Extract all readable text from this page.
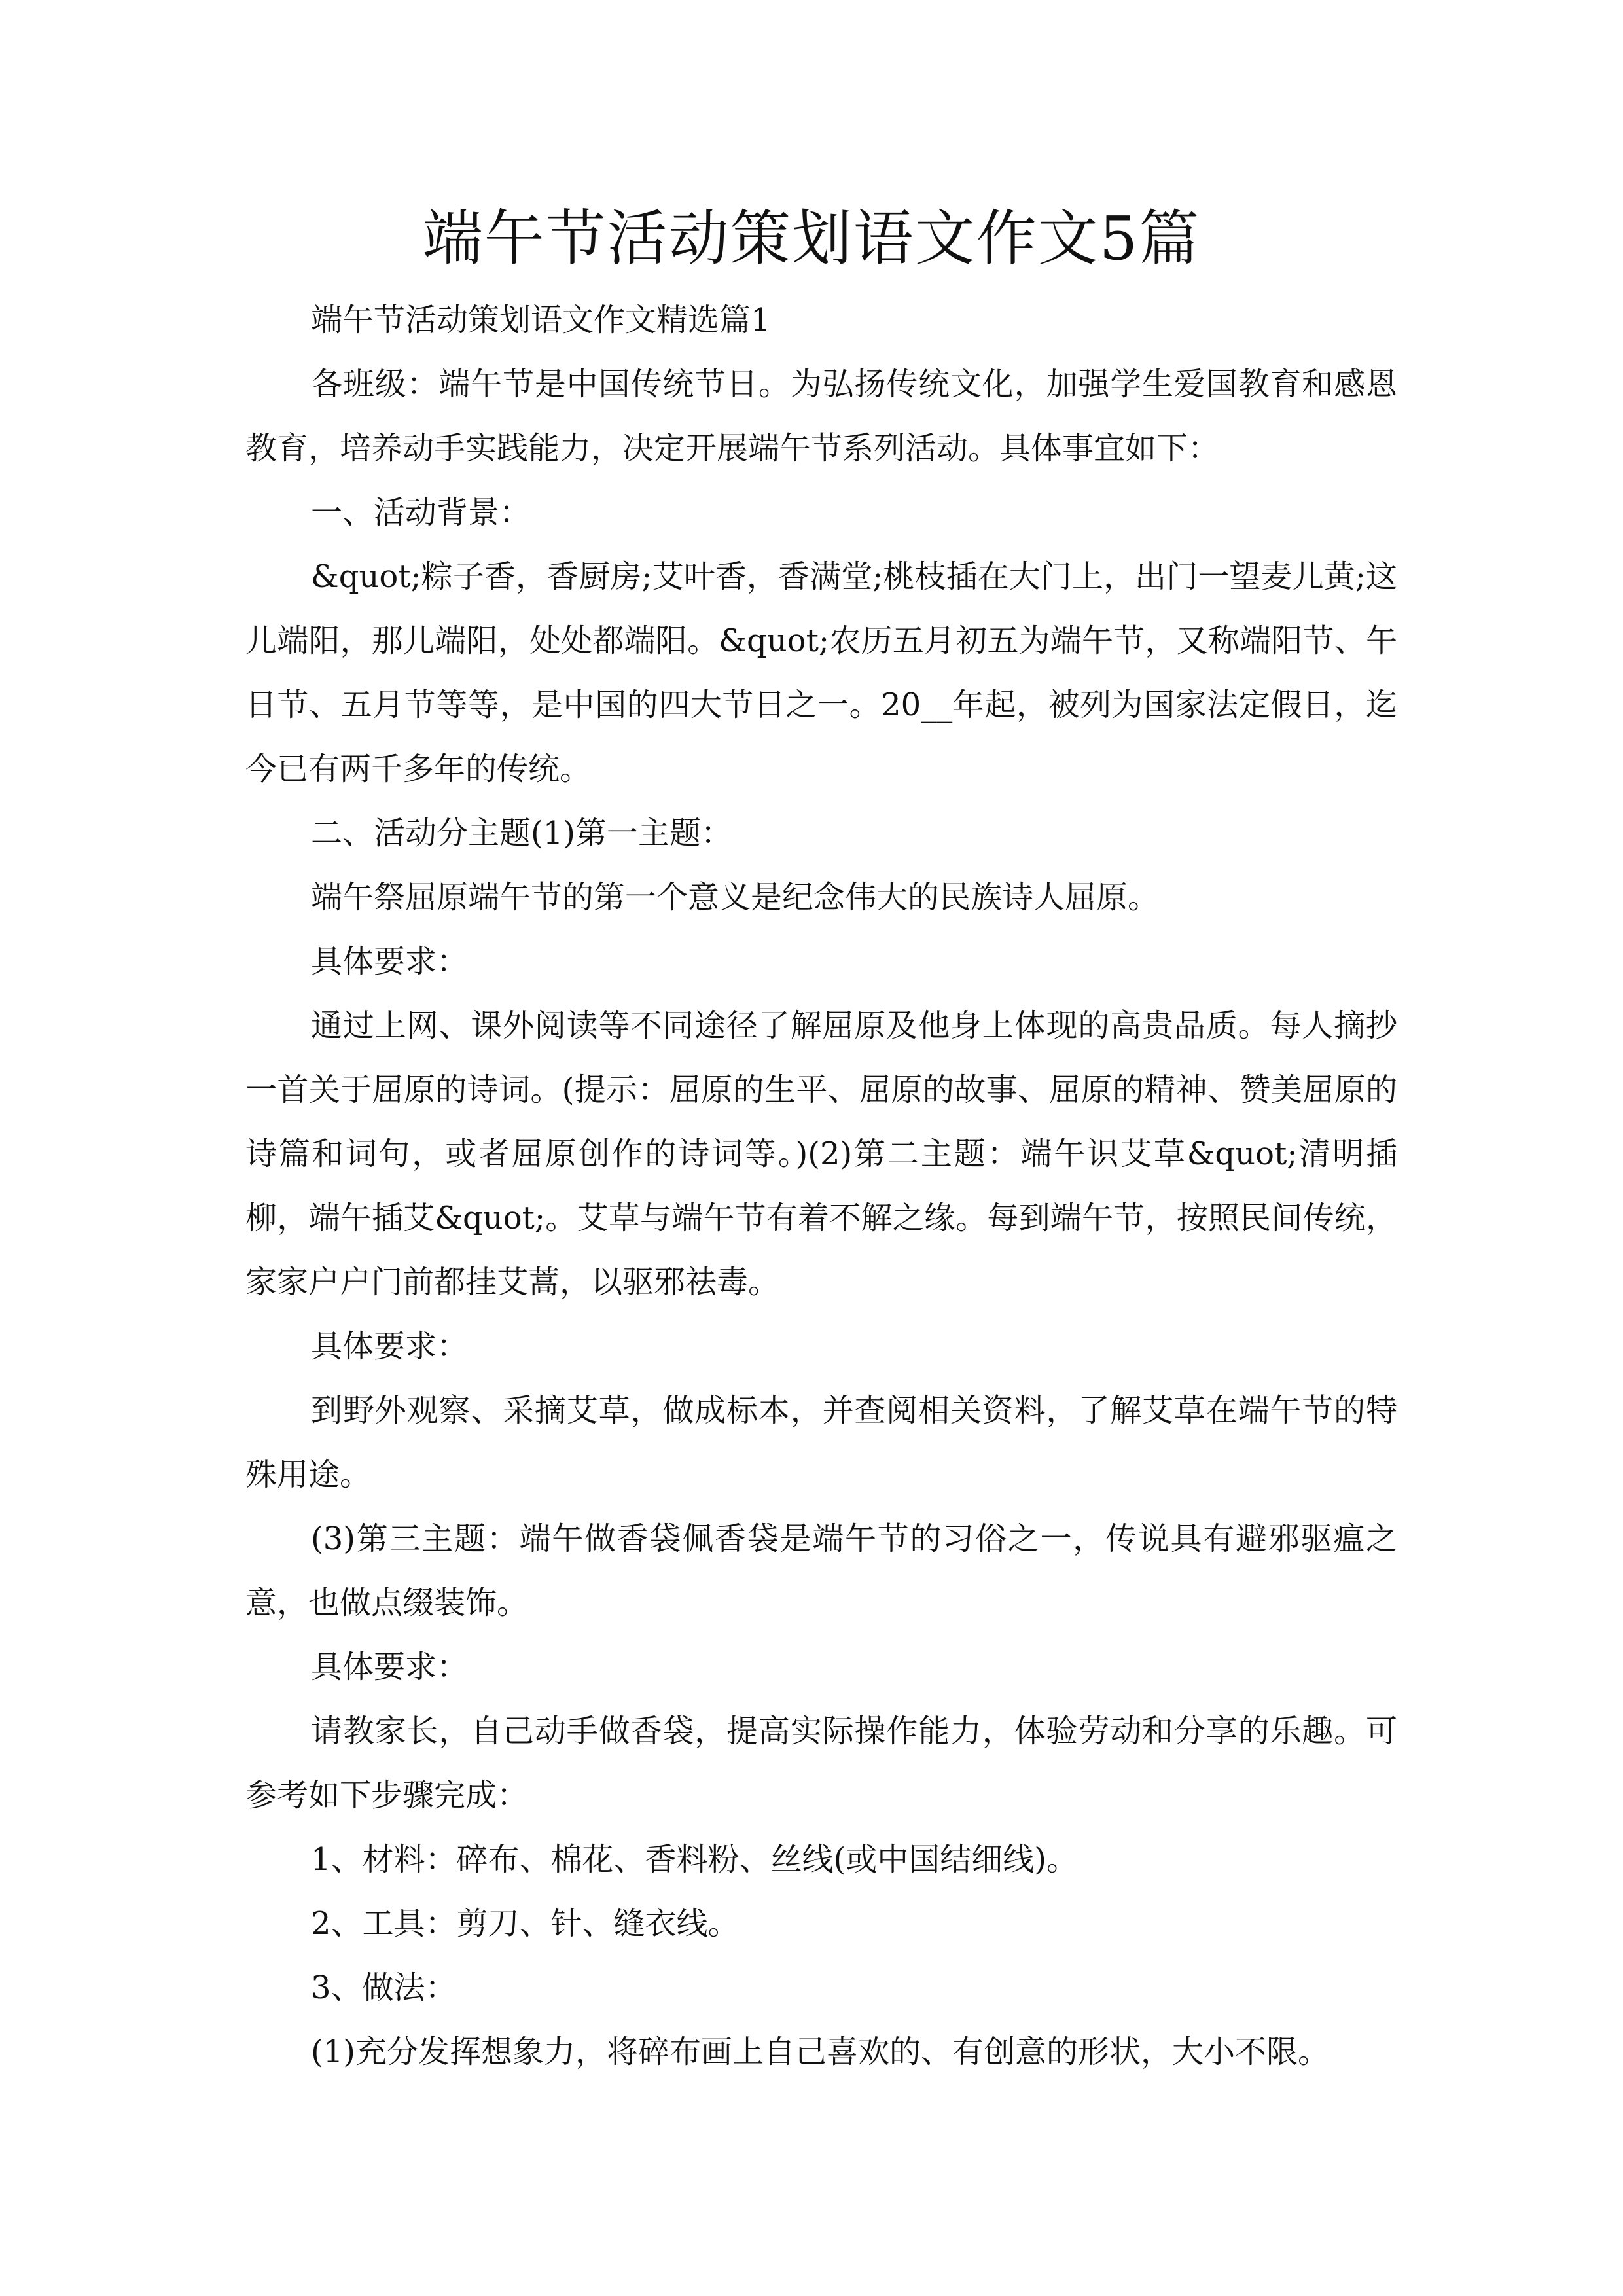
端午节活动策划语文作文5篇

端午节活动策划语文作文精选篇1

各班级：端午节是中国传统节日。为弘扬传统文化，加强学生爱国教育和感恩教育，培养动手实践能力，决定开展端午节系列活动。具体事宜如下：

一、活动背景：

&quot;粽子香，香厨房;艾叶香，香满堂;桃枝插在大门上，出门一望麦儿黄;这儿端阳，那儿端阳，处处都端阳。&quot;农历五月初五为端午节，又称端阳节、午日节、五月节等等，是中国的四大节日之一。20__年起，被列为国家法定假日，迄今已有两千多年的传统。

二、活动分主题(1)第一主题：

端午祭屈原端午节的第一个意义是纪念伟大的民族诗人屈原。

具体要求：

通过上网、课外阅读等不同途径了解屈原及他身上体现的高贵品质。每人摘抄一首关于屈原的诗词。(提示：屈原的生平、屈原的故事、屈原的精神、赞美屈原的诗篇和词句，或者屈原创作的诗词等。)(2)第二主题：端午识艾草&quot;清明插柳，端午插艾&quot;。艾草与端午节有着不解之缘。每到端午节，按照民间传统，家家户户门前都挂艾蒿，以驱邪祛毒。

具体要求：

到野外观察、采摘艾草，做成标本，并查阅相关资料，了解艾草在端午节的特殊用途。

(3)第三主题：端午做香袋佩香袋是端午节的习俗之一，传说具有避邪驱瘟之意，也做点缀装饰。

具体要求：

请教家长，自己动手做香袋，提高实际操作能力，体验劳动和分享的乐趣。可参考如下步骤完成：

1、材料：碎布、棉花、香料粉、丝线(或中国结细线)。

2、工具：剪刀、针、缝衣线。

3、做法：

(1)充分发挥想象力，将碎布画上自己喜欢的、有创意的形状，大小不限。
